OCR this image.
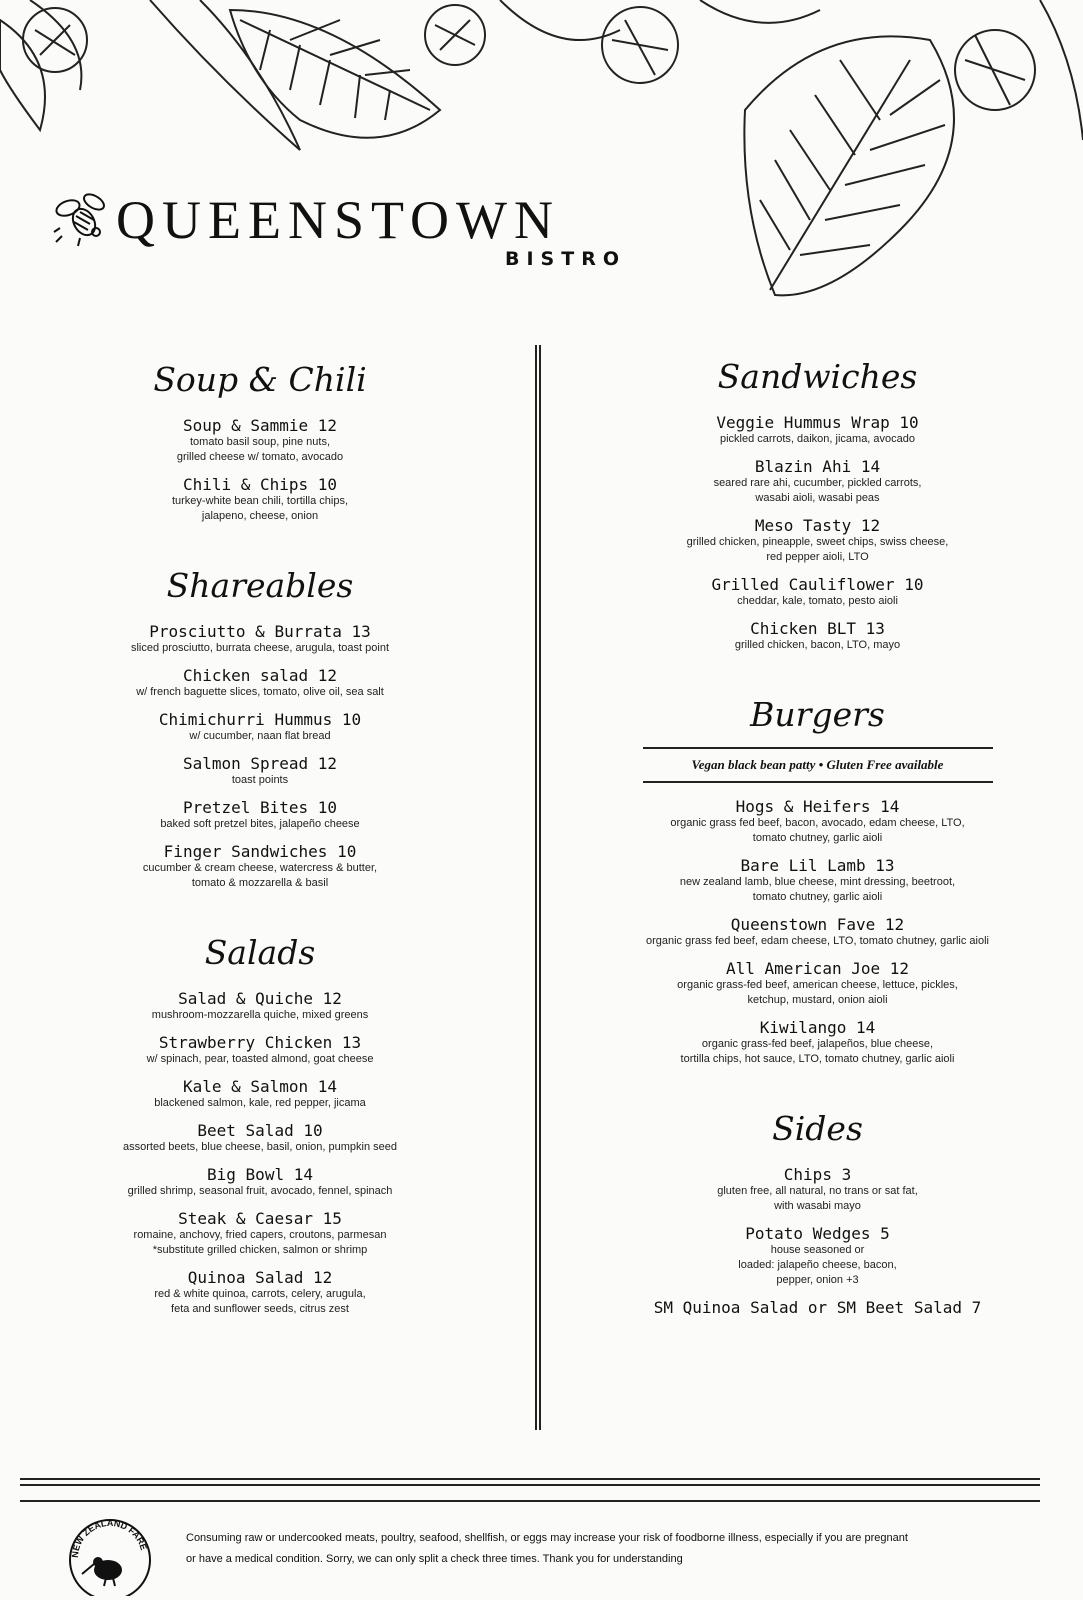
QUEENSTOWN
BISTRO
Soup & Chili
Soup & Sammie 12
tomato basil soup, pine nuts,
grilled cheese w/ tomato, avocado
Chili & Chips 10
turkey-white bean chili, tortilla chips,
jalapeno, cheese, onion
Shareables
Prosciutto & Burrata 13
sliced prosciutto, burrata cheese, arugula, toast point
Chicken salad 12
w/ french baguette slices, tomato, olive oil, sea salt
Chimichurri Hummus 10
w/ cucumber, naan flat bread
Salmon Spread 12
toast points
Pretzel Bites 10
baked soft pretzel bites, jalapeño cheese
Finger Sandwiches 10
cucumber & cream cheese, watercress & butter,
tomato & mozzarella & basil
Salads
Salad & Quiche 12
mushroom-mozzarella quiche, mixed greens
Strawberry Chicken 13
w/ spinach, pear, toasted almond, goat cheese
Kale & Salmon 14
blackened salmon, kale, red pepper, jicama
Beet Salad 10
assorted beets, blue cheese, basil, onion, pumpkin seed
Big Bowl 14
grilled shrimp, seasonal fruit, avocado, fennel, spinach
Steak & Caesar 15
romaine, anchovy, fried capers, croutons, parmesan
*substitute grilled chicken, salmon or shrimp
Quinoa Salad 12
red & white quinoa, carrots, celery, arugula,
feta and sunflower seeds, citrus zest
Sandwiches
Veggie Hummus Wrap 10
pickled carrots, daikon, jicama, avocado
Blazin Ahi 14
seared rare ahi, cucumber, pickled carrots,
wasabi aioli, wasabi peas
Meso Tasty 12
grilled chicken, pineapple, sweet chips, swiss cheese,
red pepper aioli, LTO
Grilled Cauliflower 10
cheddar, kale, tomato, pesto aioli
Chicken BLT 13
grilled chicken, bacon, LTO, mayo
Burgers
Vegan black bean patty • Gluten Free available
Hogs & Heifers 14
organic grass fed beef, bacon, avocado, edam cheese, LTO,
tomato chutney, garlic aioli
Bare Lil Lamb 13
new zealand lamb, blue cheese, mint dressing, beetroot,
tomato chutney, garlic aioli
Queenstown Fave 12
organic grass fed beef, edam cheese, LTO, tomato chutney, garlic aioli
All American Joe 12
organic grass-fed beef, american cheese, lettuce, pickles,
ketchup, mustard, onion aioli
Kiwilango 14
organic grass-fed beef, jalapeños, blue cheese,
tortilla chips, hot sauce, LTO, tomato chutney, garlic aioli
Sides
Chips 3
gluten free, all natural, no trans or sat fat,
with wasabi mayo
Potato Wedges 5
house seasoned or
loaded: jalapeño cheese, bacon,
pepper, onion +3
SM Quinoa Salad or SM Beet Salad 7
NEW ZEALAND FARE
Consuming raw or undercooked meats, poultry, seafood, shellfish, or eggs may increase your risk of foodborne illness, especially if you are pregnant
or have a medical condition. Sorry, we can only split a check three times. Thank you for understanding
